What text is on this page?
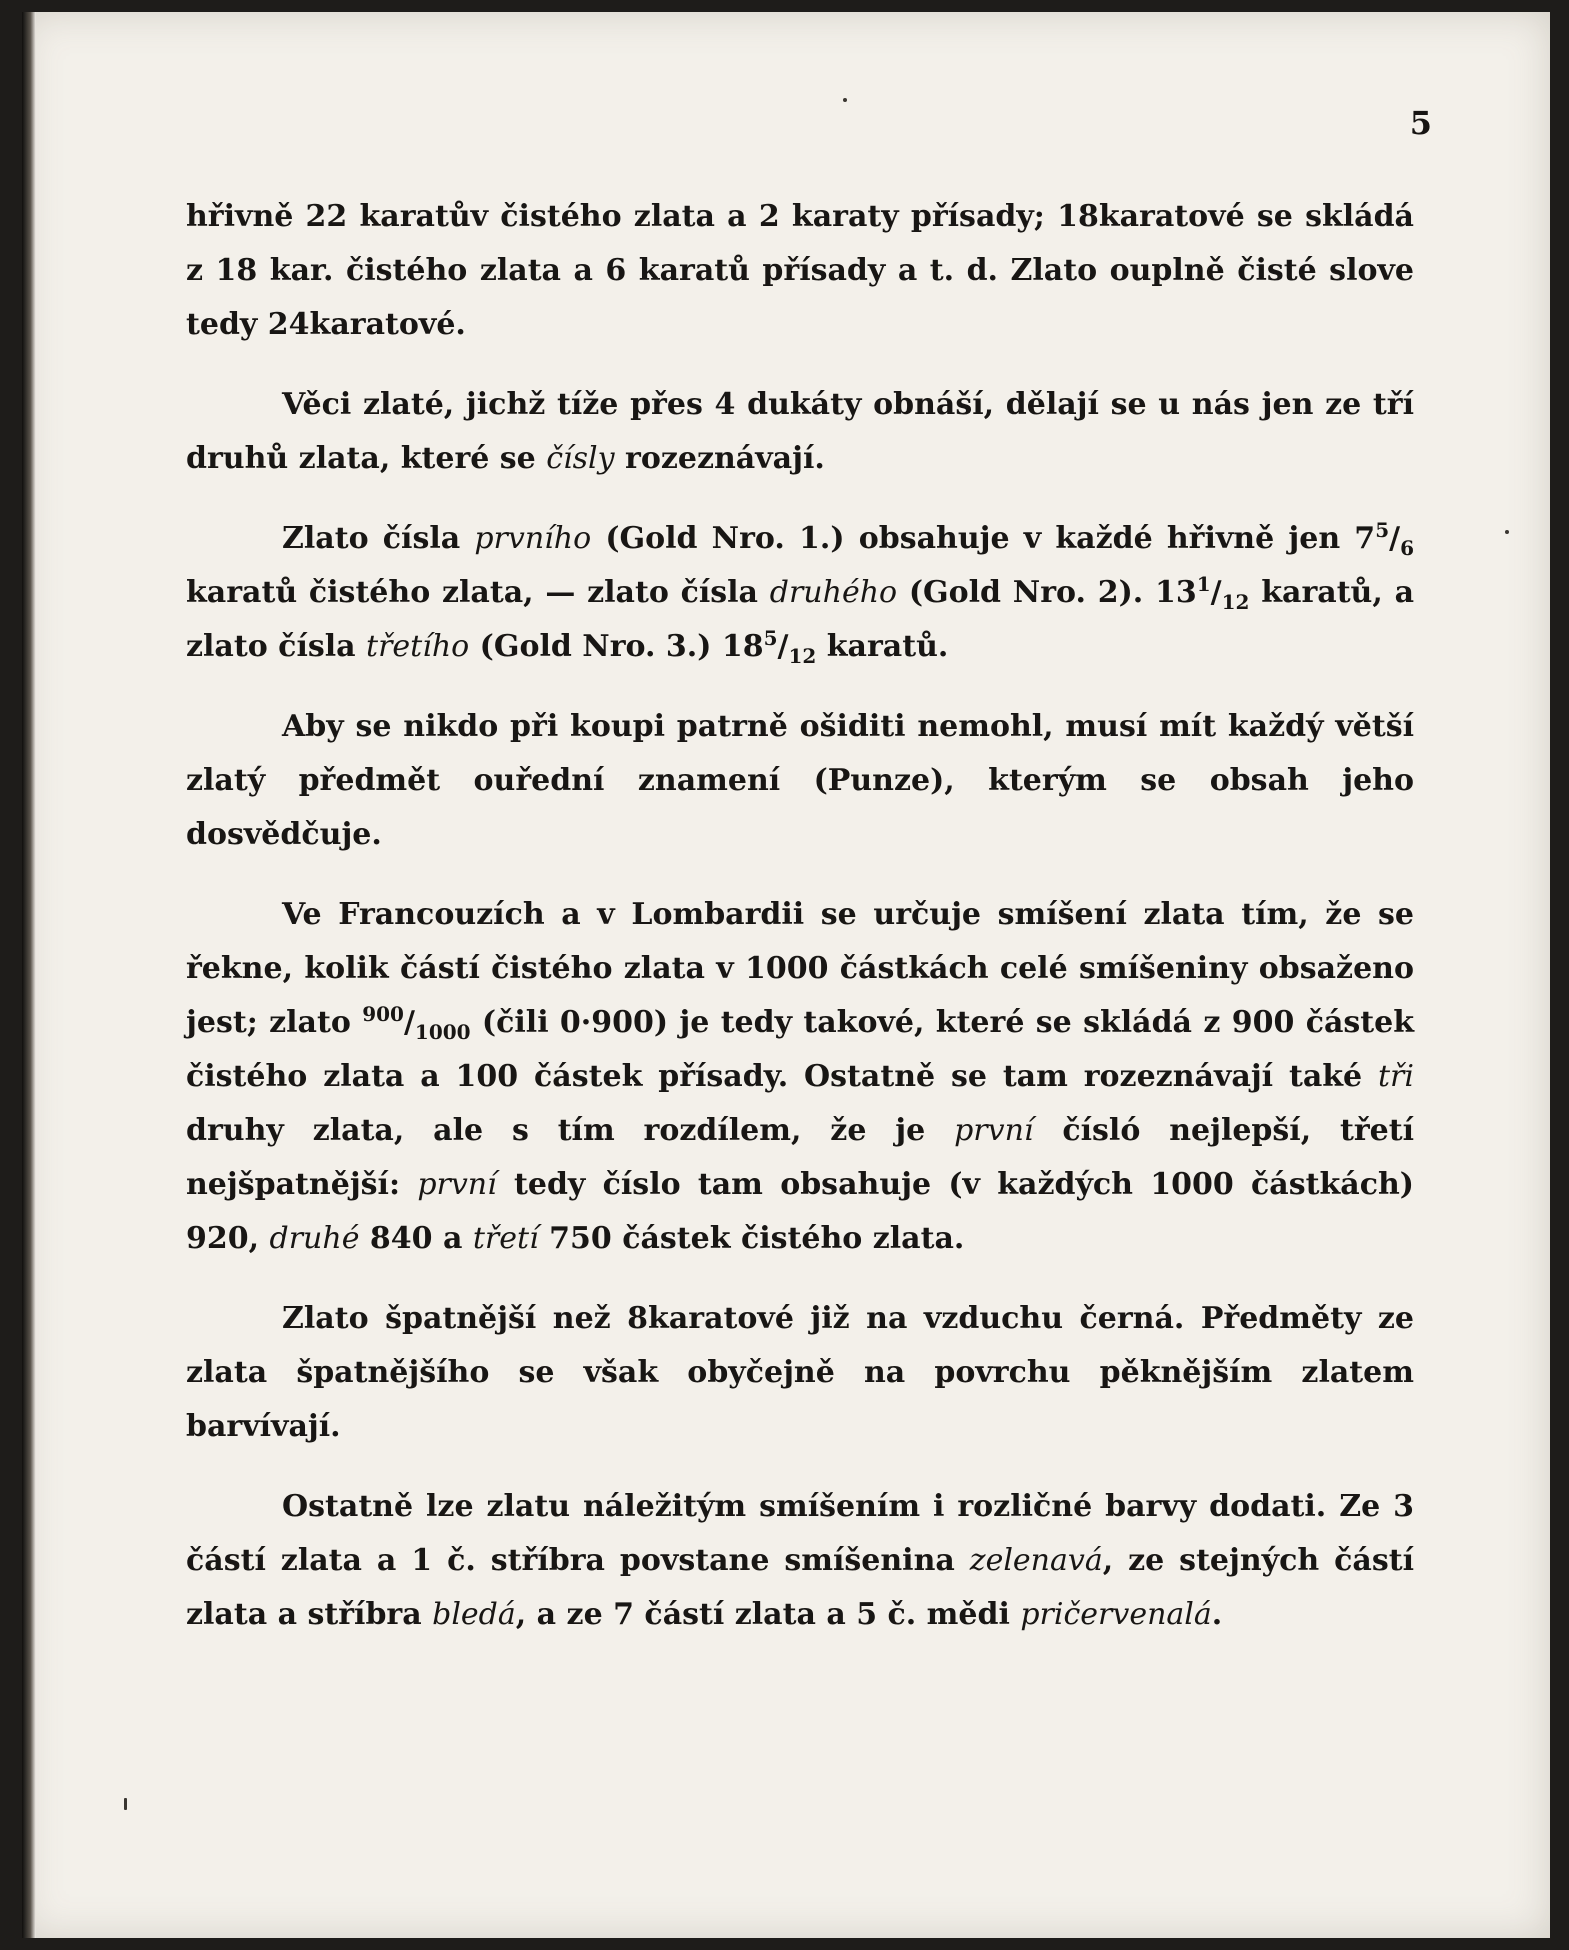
5

hřivně 22 karatův čistého zlata a 2 karaty přísady; 18karatové se skládá z 18 kar. čistého zlata a 6 karatů přísady a t. d. Zlato ouplně čisté slove tedy 24karatové.

Věci zlaté, jichž tíže přes 4 dukáty obnáší, dělají se u nás jen ze tří druhů zlata, které se čísly rozeznávají.

Zlato čísla prvního (Gold Nro. 1.) obsahuje v každé hřivně jen $7^5/_6$ karatů čistého zlata, — zlato čísla druhého (Gold Nro. 2). $13^1/_{12}$ karatů, a zlato čísla třetího (Gold Nro. 3.) $18^5/_{12}$ karatů.

Aby se nikdo při koupi patrně ošiditi nemohl, musí mít každý větší zlatý předmět ouřední znamení (Punze), kterým se obsah jeho dosvědčuje.

Ve Francouzích a v Lombardii se určuje smíšení zlata tím, že se řekne, kolik částí čistého zlata v 1000 částkách celé smíšeniny obsaženo jest; zlato $^{900}/_{1000}$ (čili 0·900) je tedy takové, které se skládá z 900 částek čistého zlata a 100 částek přísady. Ostatně se tam rozeznávají také tři druhy zlata, ale s tím rozdílem, že je první čísló nejlepší, třetí nejšpatnější: první tedy číslo tam obsahuje (v každých 1000 částkách) 920, druhé 840 a třetí 750 částek čistého zlata.

Zlato špatnější než 8karatové již na vzduchu černá. Předměty ze zlata špatnějšího se však obyčejně na povrchu pěknějším zlatem barvívají.

Ostatně lze zlatu náležitým smíšením i rozličné barvy dodati. Ze 3 částí zlata a 1 č. stříbra povstane smíšenina zelenavá, ze stejných částí zlata a stříbra bledá, a ze 7 částí zlata a 5 č. mědi pričervenalá.
